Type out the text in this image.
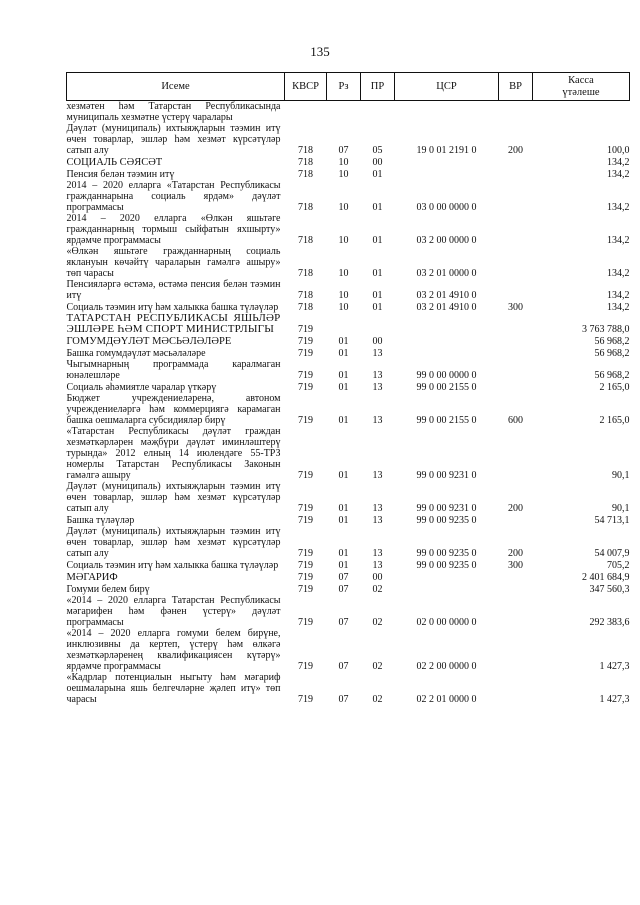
135
Исеме	КВСР	Рз	ПР	ЦСР	ВР	Касса
үтәлеше
хезмәтен һәм Татарстан Республикасында муниципаль хезмәтне үстерү чаралары						
Дәүләт (муниципаль) ихтыяҗларын тәэмин итү өчен товарлар, эшләр һәм хезмәт күрсәтүләр сатып алу	718	07	05	19 0 01 2191 0	200	100,0
СОЦИАЛЬ СӘЯСӘТ	718	10	00			134,2
Пенсия белән тәэмин итү	718	10	01			134,2
2014 – 2020 елларга «Татарстан Республикасы гражданнарына социаль ярдәм» дәүләт программасы	718	10	01	03 0 00 0000 0		134,2
2014 – 2020 елларга «Өлкән яшьтәге гражданнарның тормыш сыйфатын яхшырту» ярдәмче программасы	718	10	01	03 2 00 0000 0		134,2
«Өлкән яшьтәге гражданнарның социаль яклануын көчәйтү чараларын гамәлгә ашыру» төп чарасы	718	10	01	03 2 01 0000 0		134,2
Пенсияләргә өстәмә, өстәмә пенсия белән тәэмин итү	718	10	01	03 2 01 4910 0		134,2
Социаль тәэмин итү һәм халыкка башка түләүләр	718	10	01	03 2 01 4910 0	300	134,2
ТАТАРСТАН РЕСПУБЛИКАСЫ ЯШЬЛӘР ЭШЛӘРЕ ҺӘМ СПОРТ МИНИСТРЛЫГЫ	719					3 763 788,0
ГОМУМДӘҮЛӘТ МӘСЬӘЛӘЛӘРЕ	719	01	00			56 968,2
Башка гомумдәүләт мәсьәләләре	719	01	13			56 968,2
Чыгымнарның программада каралмаган юнәлешләре	719	01	13	99 0 00 0000 0		56 968,2
Социаль әһәмиятле чаралар үткәрү	719	01	13	99 0 00 2155 0		2 165,0
Бюджет учреждениеләренә, автоном учреждениеләргә һәм коммерциягә карамаган башка оешмаларга субсидияләр бирү	719	01	13	99 0 00 2155 0	600	2 165,0
«Татарстан Республикасы дәүләт граждан хезмәткәрләрен мәҗбүри дәүләт иминләштерү турында» 2012 елның 14 июлендәге 55-ТРЗ номерлы Татарстан Республикасы Законын гамәлгә ашыру	719	01	13	99 0 00 9231 0		90,1
Дәүләт (муниципаль) ихтыяҗларын тәэмин итү өчен товарлар, эшләр һәм хезмәт күрсәтүләр сатып алу	719	01	13	99 0 00 9231 0	200	90,1
Башка түләүләр	719	01	13	99 0 00 9235 0		54 713,1
Дәүләт (муниципаль) ихтыяҗларын тәэмин итү өчен товарлар, эшләр һәм хезмәт күрсәтүләр сатып алу	719	01	13	99 0 00 9235 0	200	54 007,9
Социаль тәэмин итү һәм халыкка башка түләүләр	719	01	13	99 0 00 9235 0	300	705,2
МӘГАРИФ	719	07	00			2 401 684,9
Гомуми белем бирү	719	07	02			347 560,3
«2014 – 2020 елларга Татарстан Республикасы мәгарифен һәм фәнен үстерү» дәүләт программасы	719	07	02	02 0 00 0000 0		292 383,6
«2014 – 2020 елларга гомуми белем бирүне, инклюзивны да кертеп, үстерү һәм өлкәгә хезмәткәрләренең квалификациясен күтәрү» ярдәмче программасы	719	07	02	02 2 00 0000 0		1 427,3
«Кадрлар потенциалын ныгыту һәм мәгариф оешмаларына яшь белгечләрне җәлеп итү» төп чарасы	719	07	02	02 2 01 0000 0		1 427,3
